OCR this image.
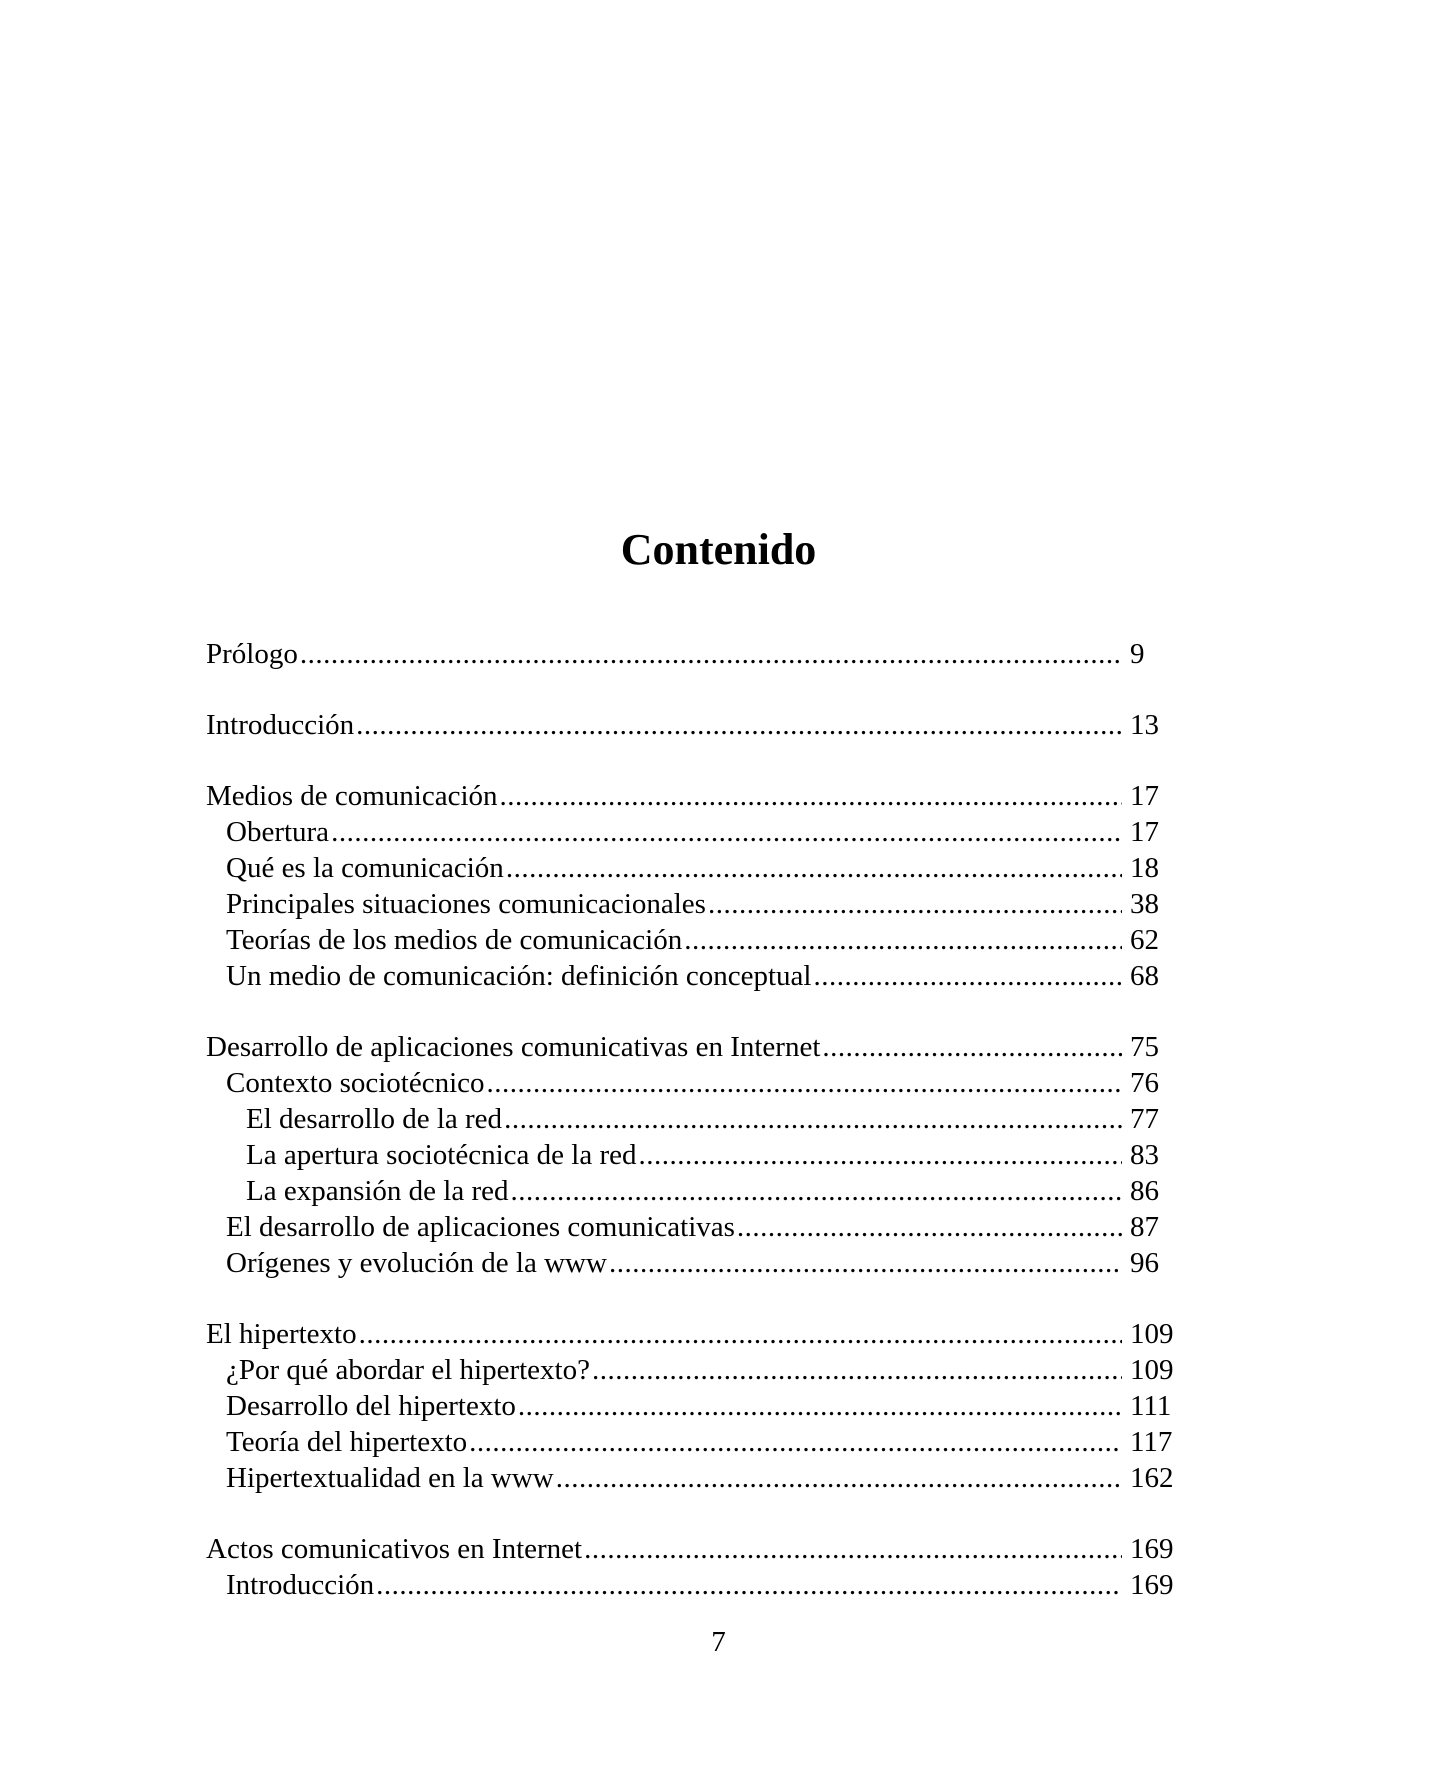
Contenido
Prólogo .....	9
Introducción .....	13
Medios de comunicación .....	17
Obertura .....	17
Qué es la comunicación .....	18
Principales situaciones comunicacionales .....	38
Teorías de los medios de comunicación .....	62
Un medio de comunicación: definición conceptual .....	68
Desarrollo de aplicaciones comunicativas en Internet .....	75
Contexto sociotécnico .....	76
El desarrollo de la red .....	77
La apertura sociotécnica de la red .....	83
La expansión de la red .....	86
El desarrollo de aplicaciones comunicativas .....	87
Orígenes y evolución de la www .....	96
El hipertexto .....	109
¿Por qué abordar el hipertexto? .....	109
Desarrollo del hipertexto .....	111
Teoría del hipertexto .....	117
Hipertextualidad en la www .....	162
Actos comunicativos en Internet .....	169
Introducción .....	169
7
